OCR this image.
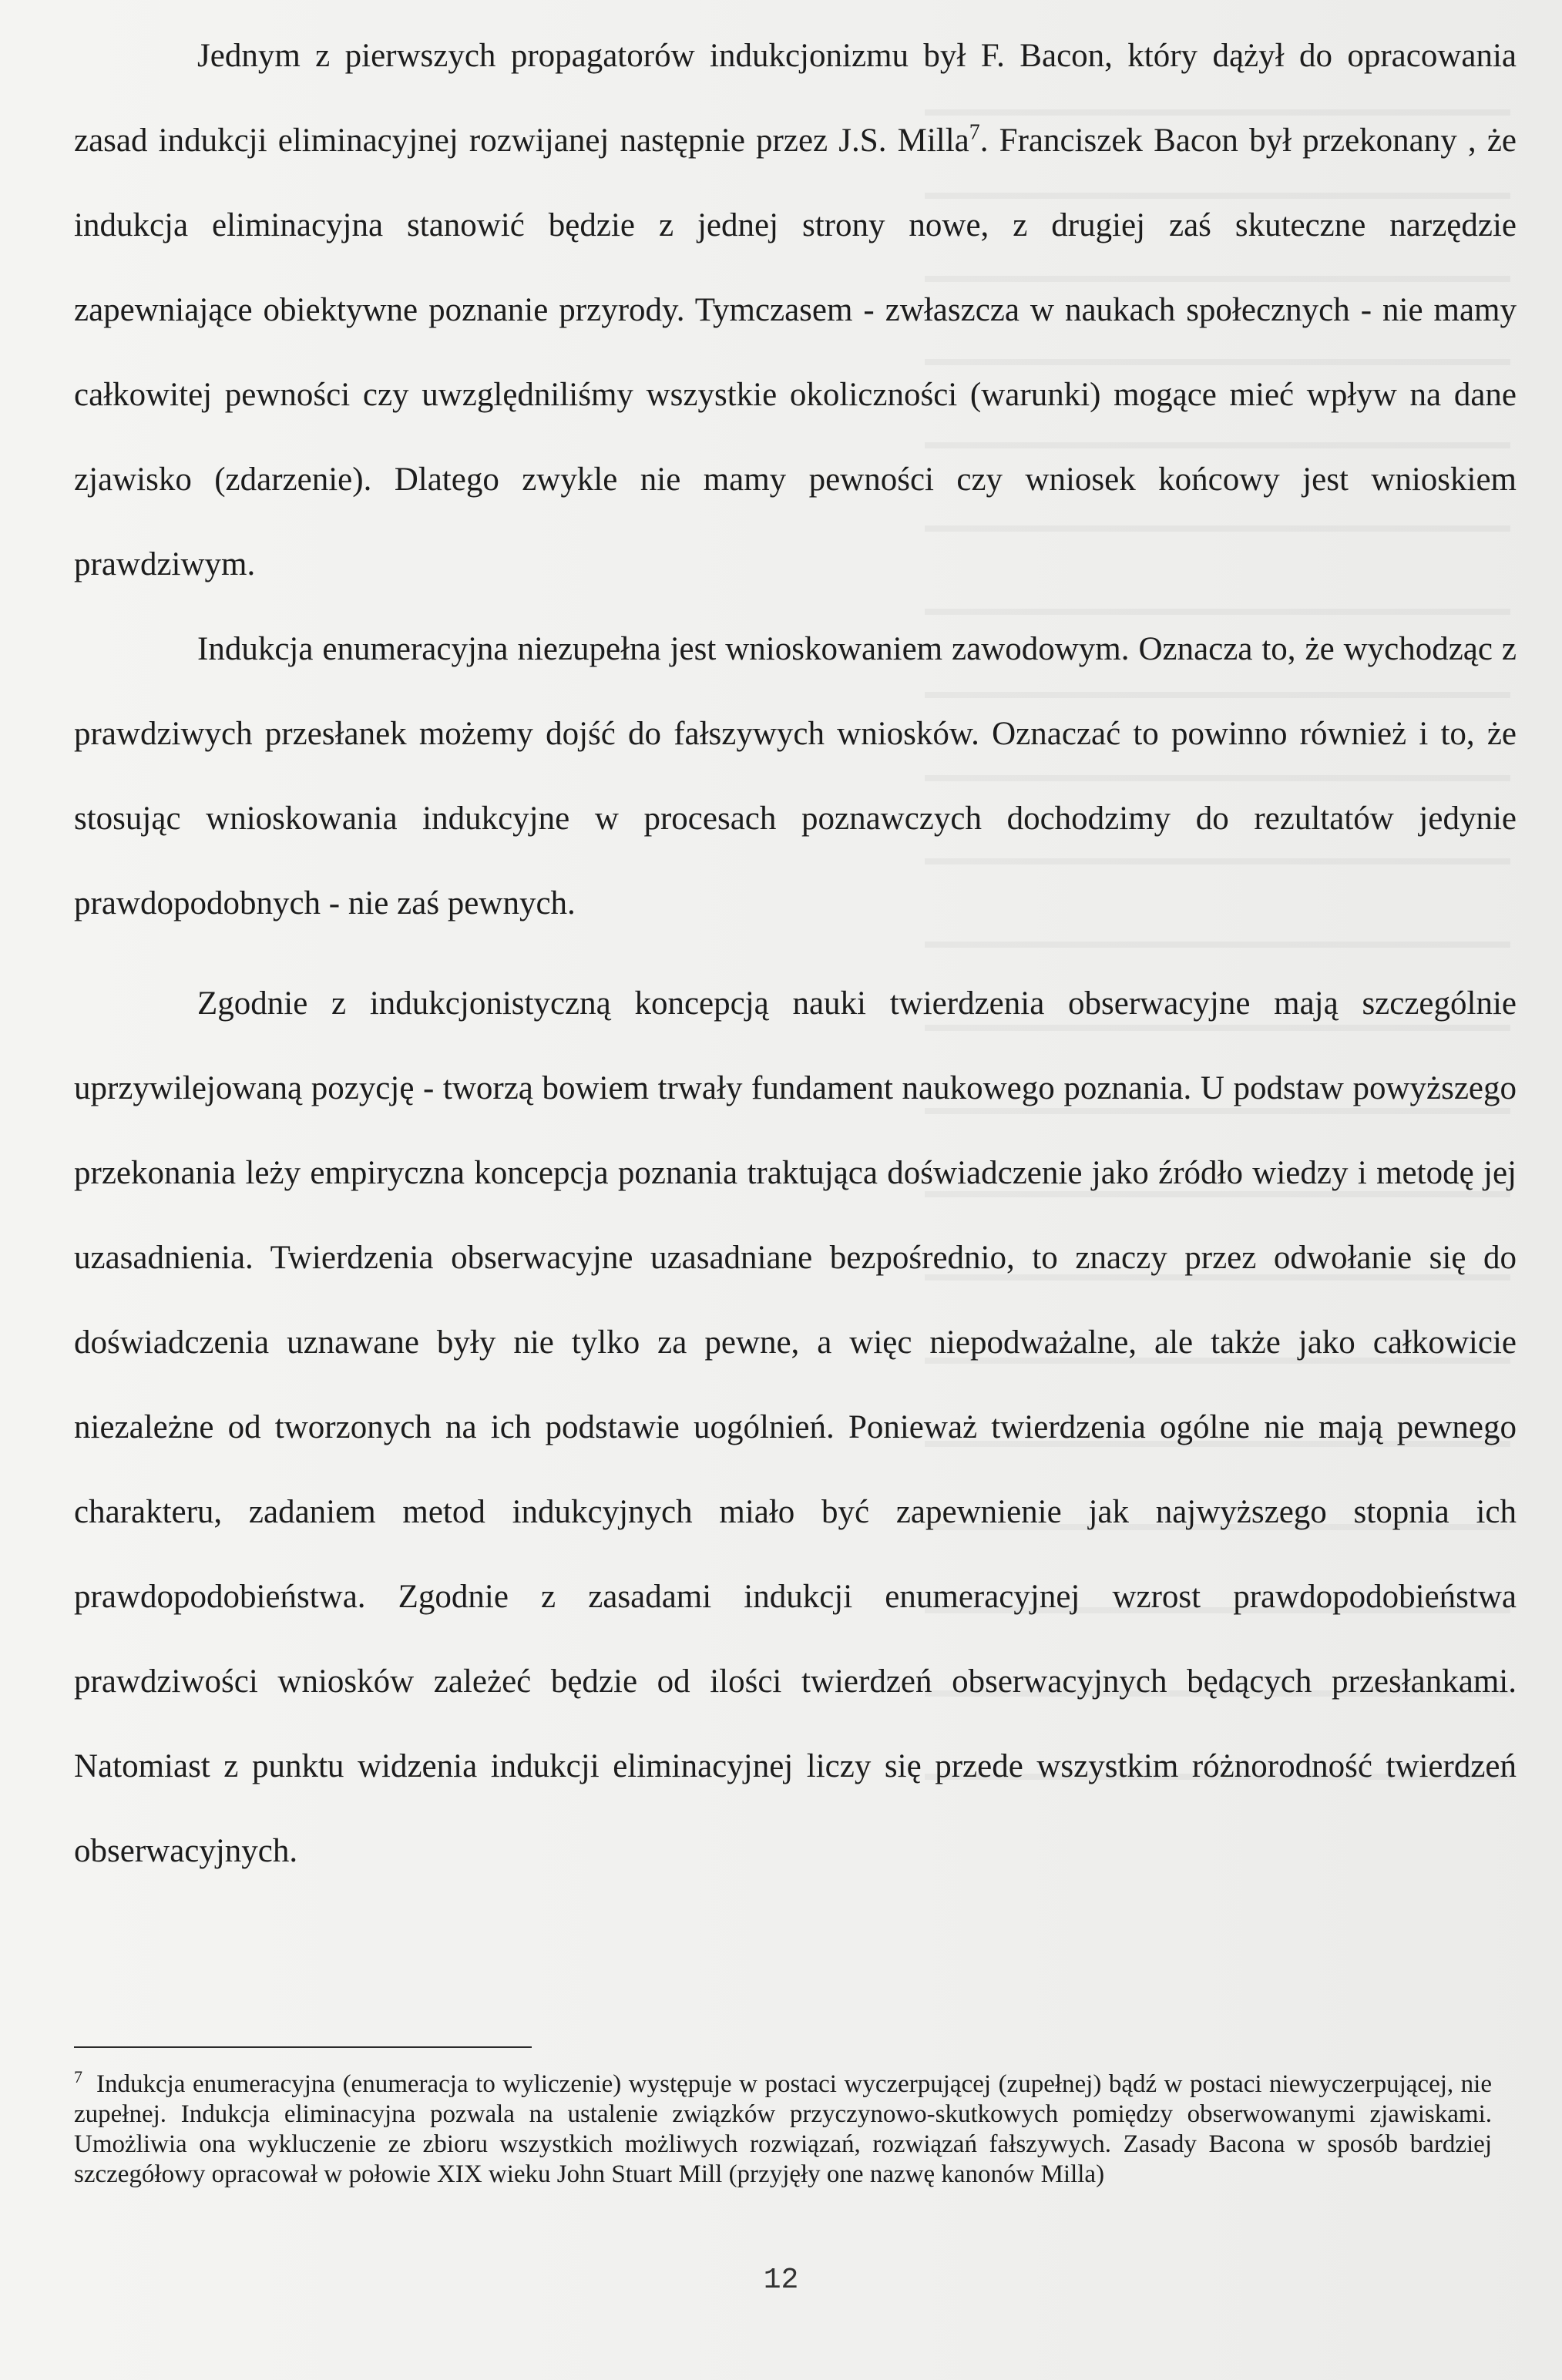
Jednym z pierwszych propagatorów indukcjonizmu był F. Bacon, który dążył do opracowania zasad indukcji eliminacyjnej rozwijanej następnie przez J.S. Milla$^7$. Franciszek Bacon był przekonany , że indukcja eliminacyjna stanowić będzie z jednej strony nowe, z drugiej zaś skuteczne narzędzie zapewniające obiektywne poznanie przyrody. Tymczasem - zwłaszcza w naukach społecznych - nie mamy całkowitej pewności czy uwzględniliśmy wszystkie okoliczności (warunki) mogące mieć wpływ na dane zjawisko (zdarzenie). Dlatego zwykle nie mamy pewności czy wniosek końcowy jest wnioskiem prawdziwym.

Indukcja enumeracyjna niezupełna jest wnioskowaniem zawodowym. Oznacza to, że wychodząc z prawdziwych przesłanek możemy dojść do fałszywych wniosków. Oznaczać to powinno również i to, że stosując wnioskowania indukcyjne w procesach poznawczych dochodzimy do rezultatów jedynie prawdopodobnych - nie zaś pewnych.

Zgodnie z indukcjonistyczną koncepcją nauki twierdzenia obserwacyjne mają szczególnie uprzywilejowaną pozycję - tworzą bowiem trwały fundament naukowego poznania. U podstaw powyższego przekonania leży empiryczna koncepcja poznania traktująca doświadczenie jako źródło wiedzy i metodę jej uzasadnienia. Twierdzenia obserwacyjne uzasadniane bezpośrednio, to znaczy przez odwołanie się do doświadczenia uznawane były nie tylko za pewne, a więc niepodważalne, ale także jako całkowicie niezależne od tworzonych na ich podstawie uogólnień. Ponieważ twierdzenia ogólne nie mają pewnego charakteru, zadaniem metod indukcyjnych miało być zapewnienie jak najwyższego stopnia ich prawdopodobieństwa. Zgodnie z zasadami indukcji enumeracyjnej wzrost prawdopodobieństwa prawdziwości wniosków zależeć będzie od ilości twierdzeń obserwacyjnych będących przesłankami. Natomiast z punktu widzenia indukcji eliminacyjnej liczy się przede wszystkim różnorodność twierdzeń obserwacyjnych.

$^7$ Indukcja enumeracyjna (enumeracja to wyliczenie) występuje w postaci wyczerpującej (zupełnej) bądź w postaci niewyczerpującej, nie zupełnej. Indukcja eliminacyjna pozwala na ustalenie związków przyczynowo-skutkowych pomiędzy obserwowanymi zjawiskami. Umożliwia ona wykluczenie ze zbioru wszystkich możliwych rozwiązań, rozwiązań fałszywych. Zasady Bacona w sposób bardziej szczegółowy opracował w połowie XIX wieku John Stuart Mill (przyjęły one nazwę kanonów Milla)

12
